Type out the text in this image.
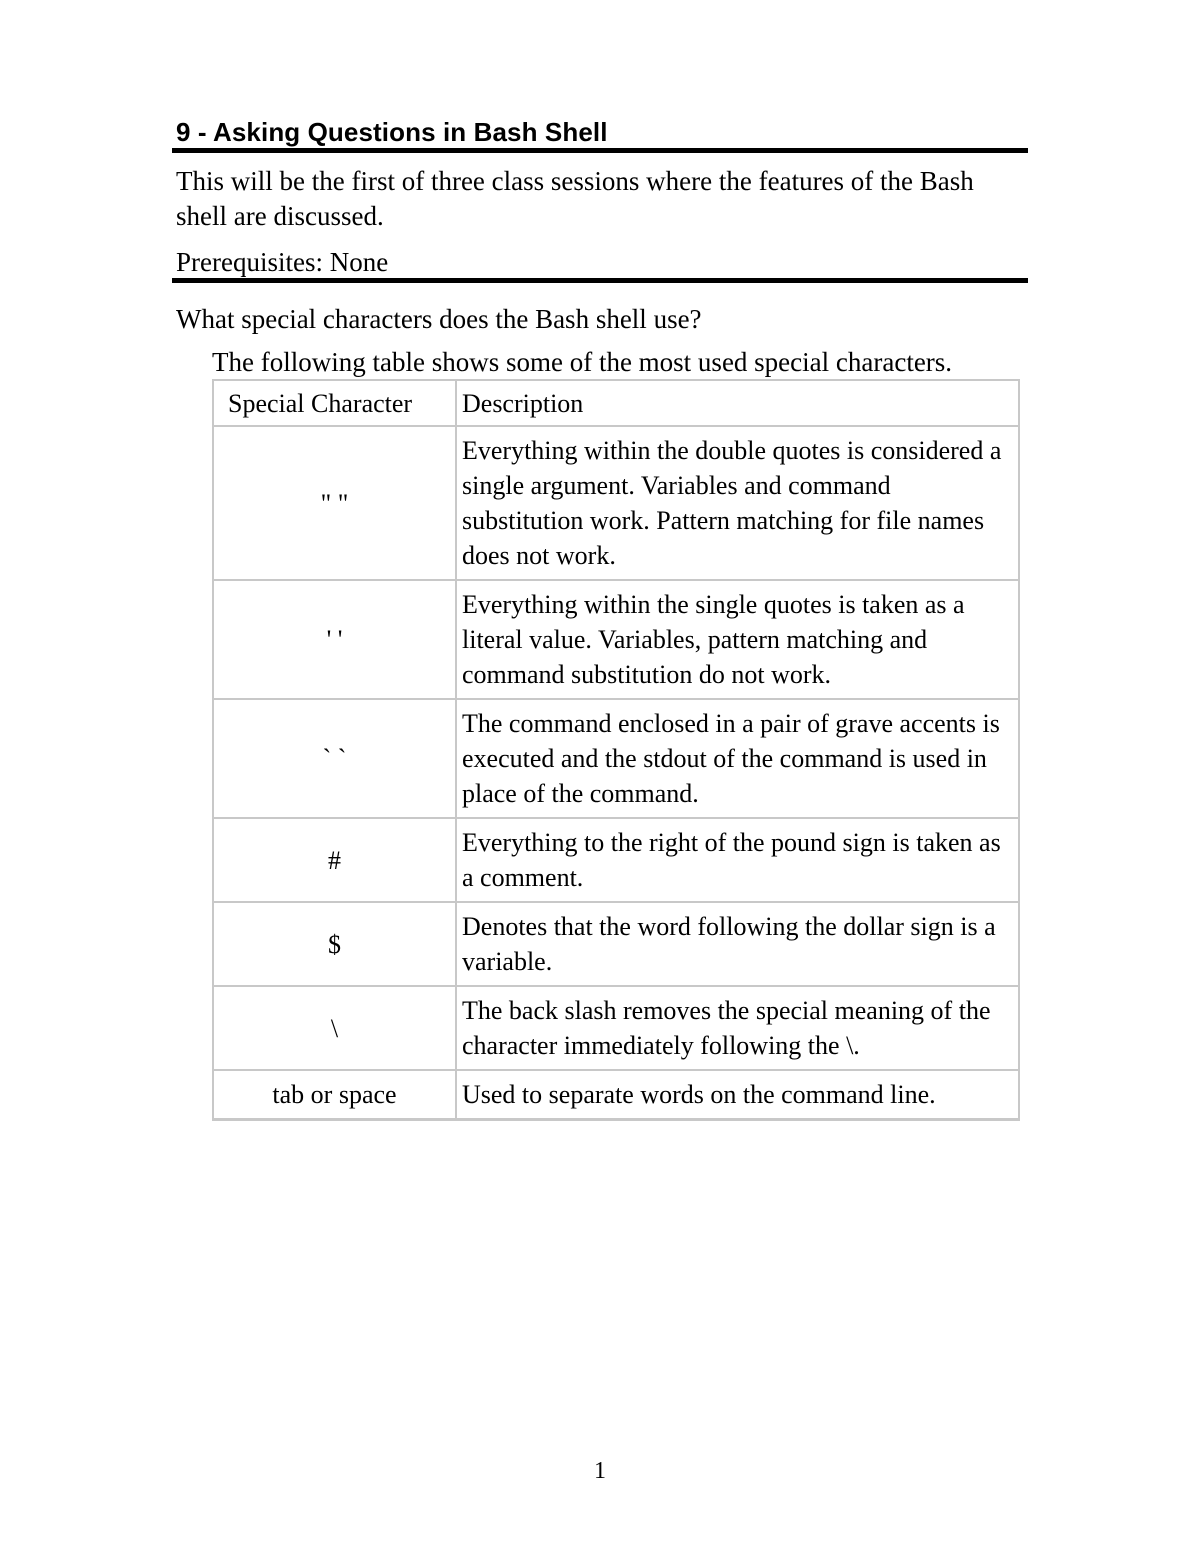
9 - Asking Questions in Bash Shell
This will be the first of three class sessions where the features of the Bash shell are discussed.
Prerequisites: None
What special characters does the Bash shell use?
The following table shows some of the most used special characters.
Special Character	Description
" "	Everything within the double quotes is considered a single argument. Variables and command substitution work. Pattern matching for file names does not work.
' '	Everything within the single quotes is taken as a literal value. Variables, pattern matching and command substitution do not work.
` `	The command enclosed in a pair of grave accents is executed and the stdout of the command is used in place of the command.
#	Everything to the right of the pound sign is taken as a comment.
$	Denotes that the word following the dollar sign is a variable.
\	The back slash removes the special meaning of the character immediately following the \.
tab or space	Used to separate words on the command line.
1
